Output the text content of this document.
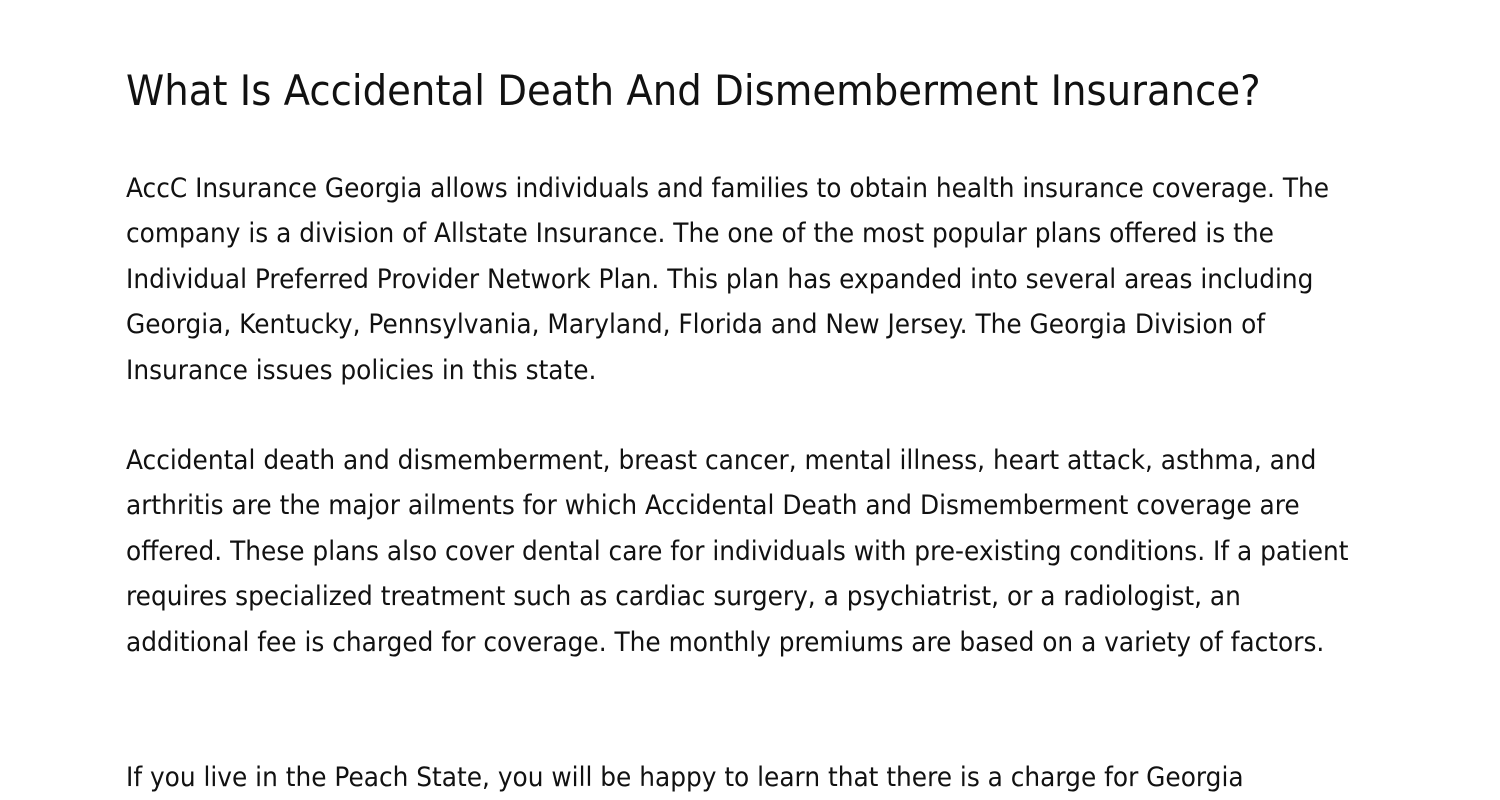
What Is Accidental Death And Dismemberment Insurance?

AccC Insurance Georgia allows individuals and families to obtain health insurance coverage. The company is a division of Allstate Insurance. The one of the most popular plans offered is the Individual Preferred Provider Network Plan. This plan has expanded into several areas including Georgia, Kentucky, Pennsylvania, Maryland, Florida and New Jersey. The Georgia Division of Insurance issues policies in this state.

Accidental death and dismemberment, breast cancer, mental illness, heart attack, asthma, and arthritis are the major ailments for which Accidental Death and Dismemberment coverage are offered. These plans also cover dental care for individuals with pre-existing conditions. If a patient requires specialized treatment such as cardiac surgery, a psychiatrist, or a radiologist, an additional fee is charged for coverage. The monthly premiums are based on a variety of factors.

If you live in the Peach State, you will be happy to learn that there is a charge for Georgia
